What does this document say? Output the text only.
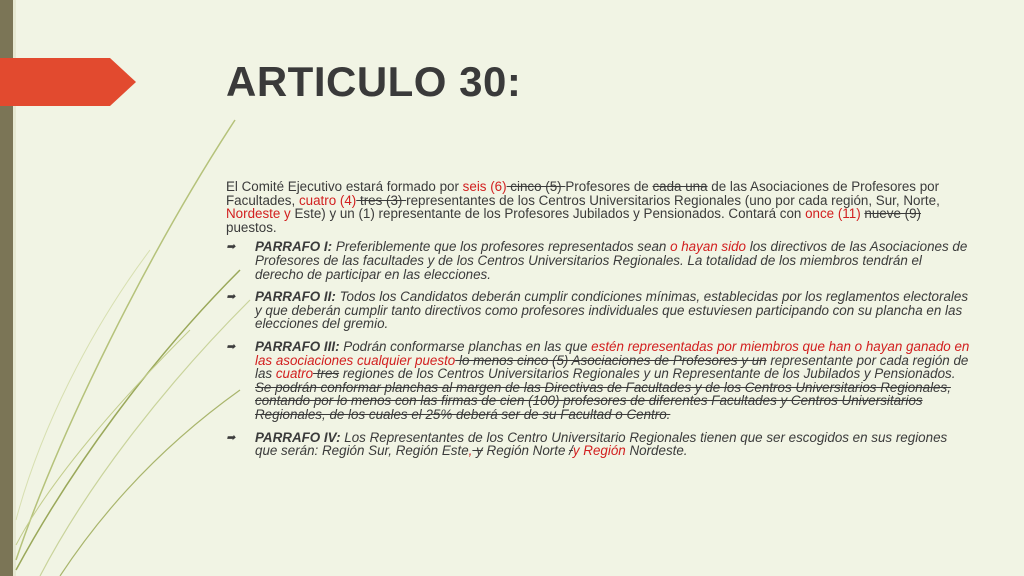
ARTICULO 30:

El Comité Ejecutivo estará formado por seis (6) cinco (5) Profesores de cada una de las Asociaciones de Profesores por Facultades, cuatro (4) tres (3) representantes de los Centros Universitarios Regionales (uno por cada región, Sur, Norte, Nordeste y Este) y un (1) representante de los Profesores Jubilados y Pensionados. Contará con once (11) nueve (9) puestos.

➡ PARRAFO I: Preferiblemente que los profesores representados sean o hayan sido los directivos de las Asociaciones de Profesores de las facultades y de los Centros Universitarios Regionales. La totalidad de los miembros tendrán el derecho de participar en las elecciones.

➡ PARRAFO II: Todos los Candidatos deberán cumplir condiciones mínimas, establecidas por los reglamentos electorales y que deberán cumplir tanto directivos como profesores individuales que estuviesen participando con su plancha en las elecciones del gremio.

➡ PARRAFO III: Podrán conformarse planchas en las que estén representadas por miembros que han o hayan ganado en las asociaciones cualquier puesto lo menos cinco (5) Asociaciones de Profesores y un representante por cada región de las cuatro tres regiones de los Centros Universitarios Regionales y un Representante de los Jubilados y Pensionados. Se podrán conformar planchas al margen de las Directivas de Facultades y de los Centros Universitarios Regionales, contando por lo menos con las firmas de cien (100) profesores de diferentes Facultades y Centros Universitarios Regionales, de los cuales el 25% deberá ser de su Facultad o Centro.

➡ PARRAFO IV: Los Representantes de los Centro Universitario Regionales tienen que ser escogidos en sus regiones que serán: Región Sur, Región Este, y Región Norte /y Región Nordeste.
